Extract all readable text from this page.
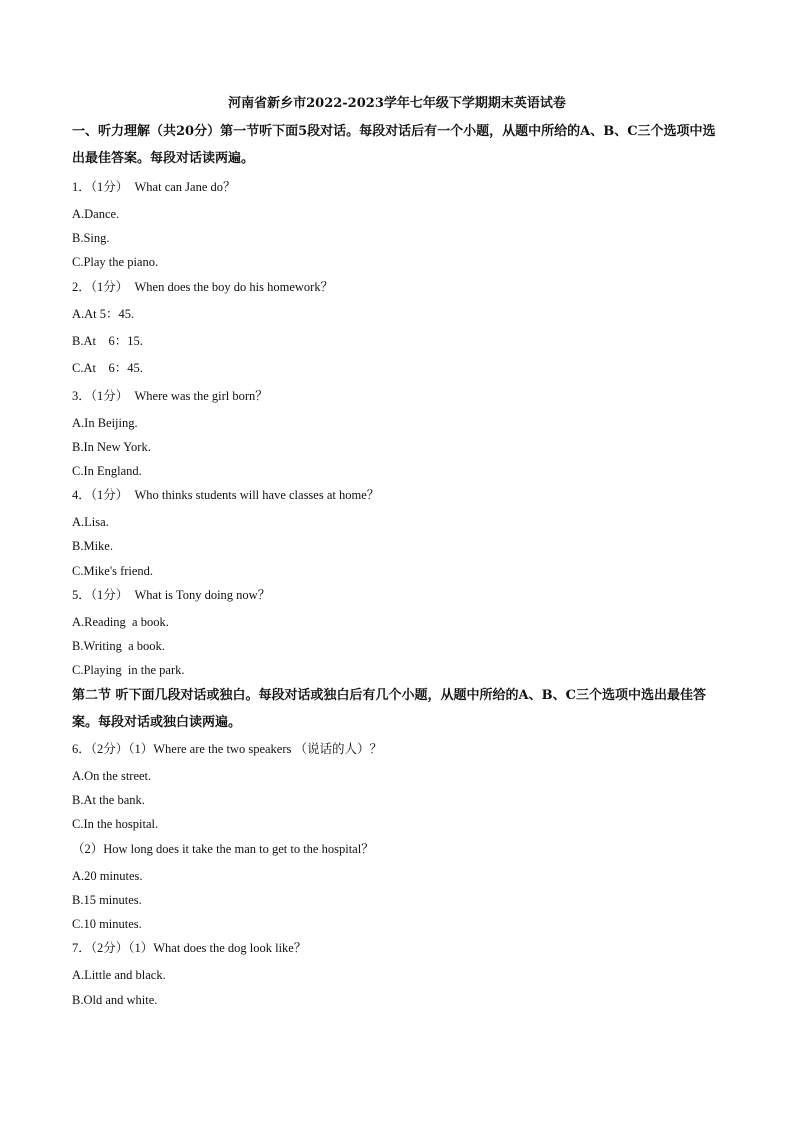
河南省新乡市2022-2023学年七年级下学期期末英语试卷
一、听力理解（共20分）第一节听下面5段对话。每段对话后有一个小题，从题中所给的A、B、C三个选项中选出最佳答案。每段对话读两遍。
1．（1分）  What can Jane do？
A.Dance.
B.Sing.
C.Play the piano.
2．（1分）  When does the boy do his homework？
A.At 5：45.
B.At    6：15.
C.At    6：45.
3．（1分）  Where was the girl born？
A.In Beijing.
B.In New York.
C.In England.
4．（1分）  Who thinks students will have classes at home？
A.Lisa.
B.Mike.
C.Mike's friend.
5．（1分）  What is Tony doing now？
A.Reading  a book.
B.Writing  a book.
C.Playing  in the park.
第二节 听下面几段对话或独白。每段对话或独白后有几个小题，从题中所给的A、B、C三个选项中选出最佳答案。每段对话或独白读两遍。
6．（2分）（1）Where are the two speakers （说话的人）？
A.On the street.
B.At the bank.
C.In the hospital.
（2）How long does it take the man to get to the hospital？
A.20 minutes.
B.15 minutes.
C.10 minutes.
7．（2分）（1）What does the dog look like？
A.Little and black.
B.Old and white.
